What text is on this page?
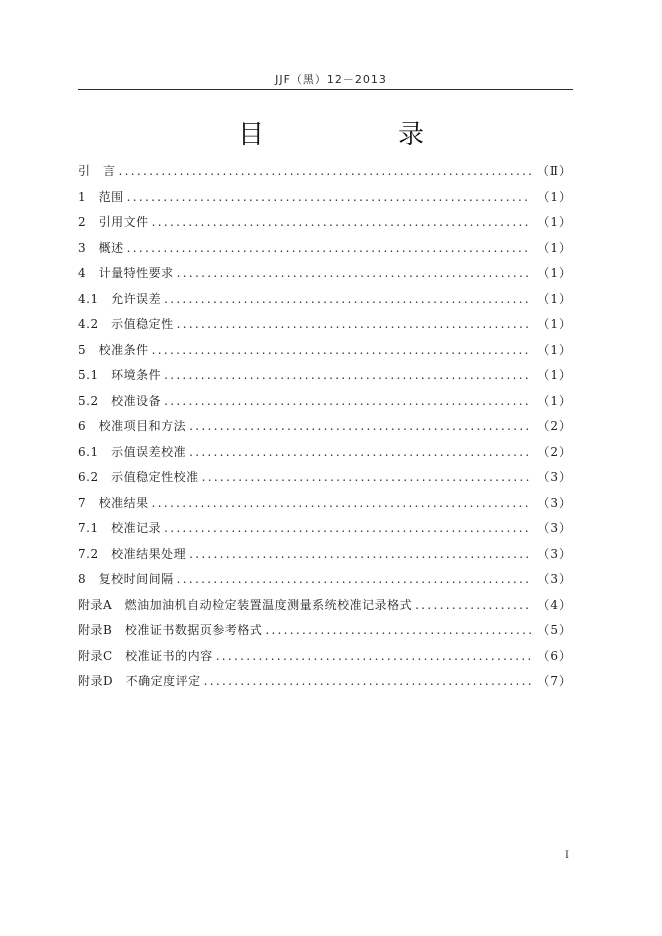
JJF（黑）12－2013
目　录
引　言 .....	（Ⅱ）
1　范围 .....	（1）
2　引用文件 .....	（1）
3　概述 .....	（1）
4　计量特性要求 .....	（1）
4.1　允许误差 .....	（1）
4.2　示值稳定性 .....	（1）
5　校准条件 .....	（1）
5.1　环境条件 .....	（1）
5.2　校准设备 .....	（1）
6　校准项目和方法 .....	（2）
6.1　示值误差校准 .....	（2）
6.2　示值稳定性校准 .....	（3）
7　校准结果 .....	（3）
7.1　校准记录 .....	（3）
7.2　校准结果处理 .....	（3）
8　复校时间间隔 .....	（3）
附录A　燃油加油机自动检定装置温度测量系统校准记录格式 .....	（4）
附录B　校准证书数据页参考格式 .....	（5）
附录C　校准证书的内容 .....	（6）
附录D　不确定度评定 .....	（7）
I
